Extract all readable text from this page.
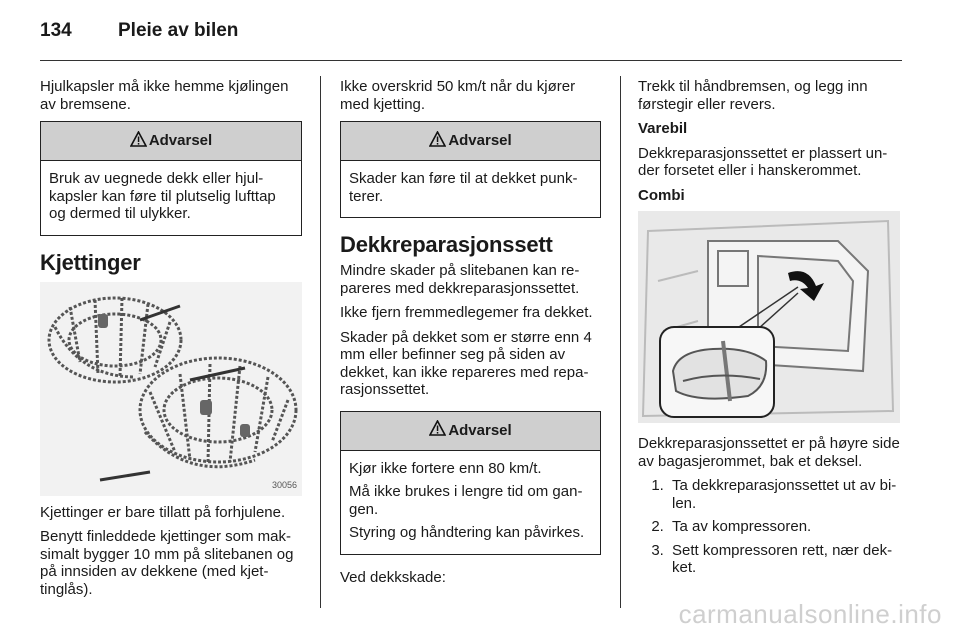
134 Pleie av bilen

Hjulkapsler må ikke hemme kjølingen av bremsene.

Advarsel

Bruk av uegnede dekk eller hjulkapsler kan føre til plutselig lufttap og dermed til ulykker.

Kjettinger
30056

Kjettinger er bare tillatt på forhjulene.

Benytt finleddede kjettinger som maksimalt bygger 10 mm på slitebanen og på innsiden av dekkene (med kjettinglås).

Ikke overskrid 50 km/t når du kjører med kjetting.

Advarsel

Skader kan føre til at dekket punkterer.

Dekkreparasjonssett

Mindre skader på slitebanen kan repareres med dekkreparasjonssettet.

Ikke fjern fremmedlegemer fra dekket.

Skader på dekket som er større enn 4 mm eller befinner seg på siden av dekket, kan ikke repareres med reparasjonssettet.

Advarsel

Kjør ikke fortere enn 80 km/t.

Må ikke brukes i lengre tid om gangen.

Styring og håndtering kan påvirkes.

Ved dekkskade:

Trekk til håndbremsen, og legg inn førstegir eller revers.

Varebil

Dekkreparasjonssettet er plassert under forsetet eller i hanskerommet.

Combi

Dekkreparasjonssettet er på høyre side av bagasjerommet, bak et deksel.

1. Ta dekkreparasjonssettet ut av bilen.
2. Ta av kompressoren.
3. Sett kompressoren rett, nær dekket.
carmanualsonline.info
